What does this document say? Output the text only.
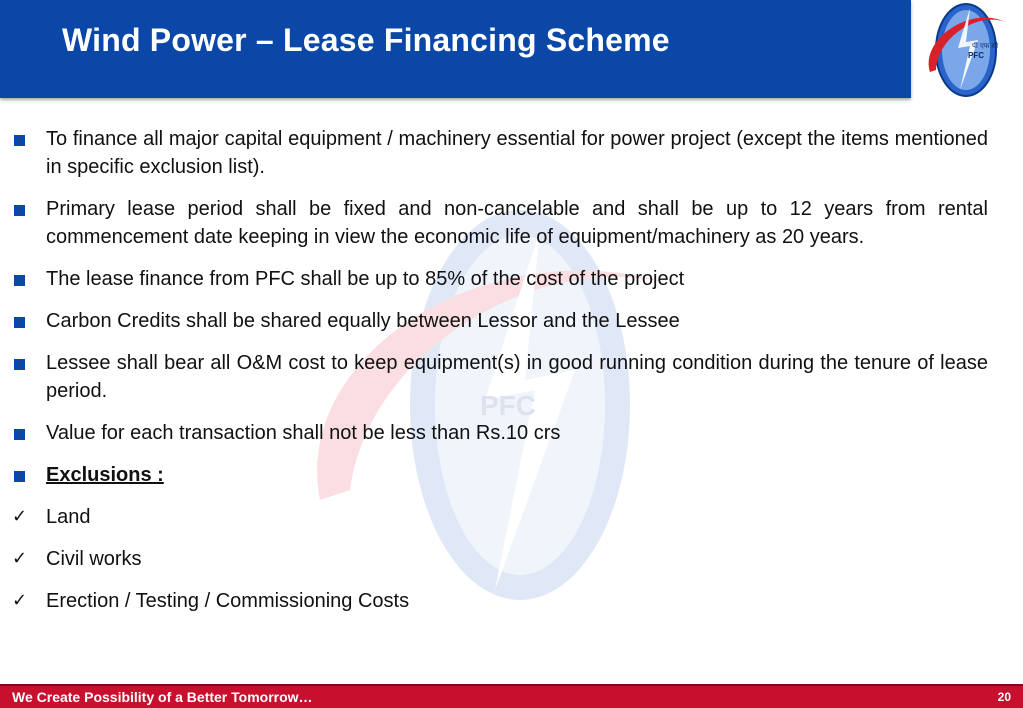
Wind Power – Lease Financing Scheme	पी एफ सी
PFC
PFC
To finance all major capital equipment / machinery essential for power project (except the items mentioned in specific exclusion list).
Primary lease period shall be fixed and non-cancelable and shall be up to 12 years from rental commencement date keeping in view the economic life of equipment/machinery as 20 years.
The lease finance from PFC shall be up to 85% of the cost of the project
Carbon Credits shall be shared equally between Lessor and the Lessee
Lessee shall bear all O&M cost to keep equipment(s) in good running condition during the tenure of lease period.
Value for each transaction shall not be less than Rs.10 crs
Exclusions :
✓ Land
✓ Civil works
✓ Erection / Testing / Commissioning Costs
We Create Possibility of a Better Tomorrow…	20
